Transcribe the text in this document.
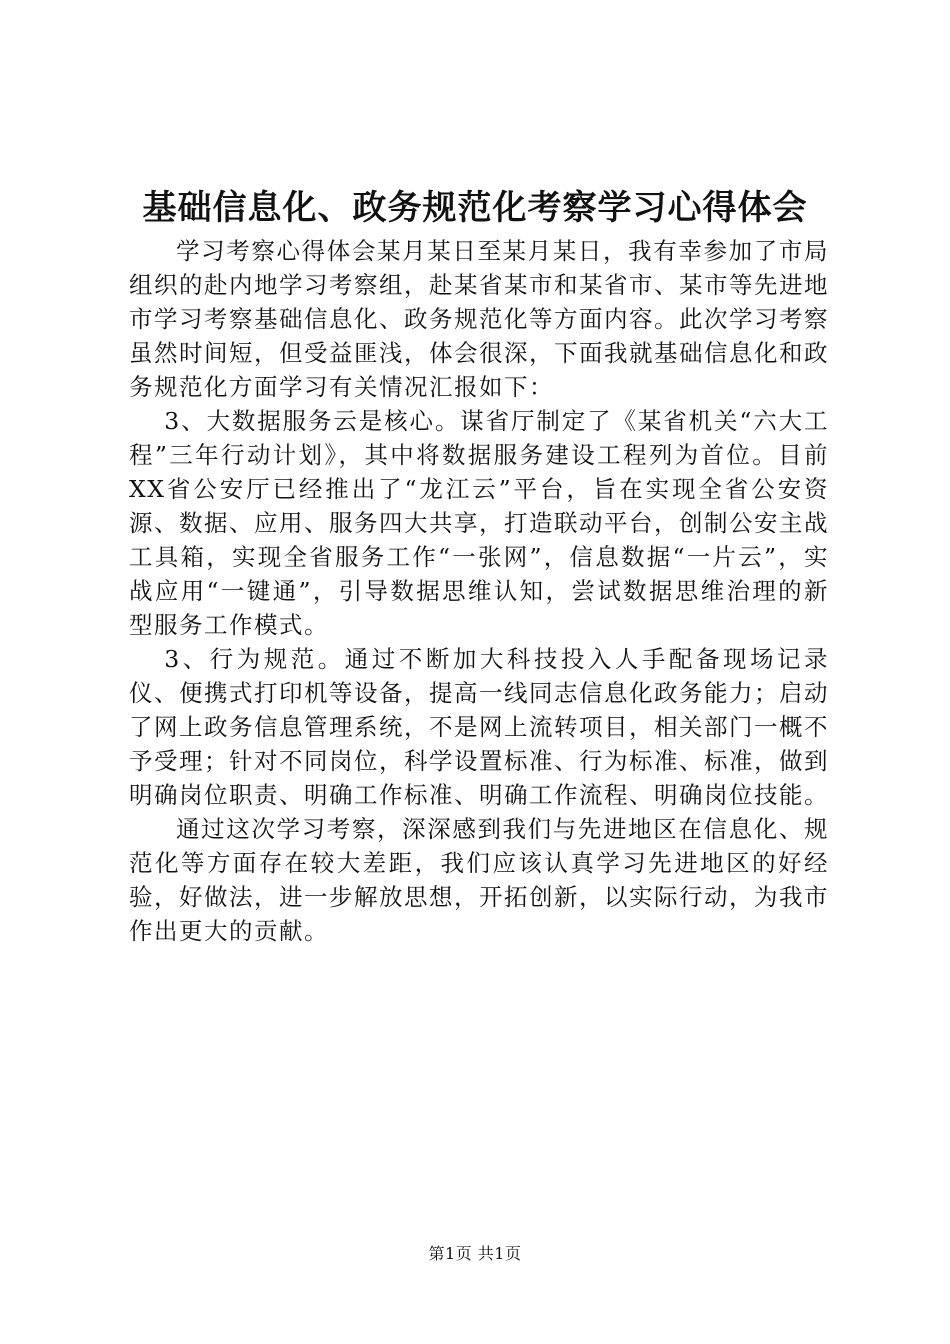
基础信息化、政务规范化考察学习心得体会

学习考察心得体会某月某日至某月某日，我有幸参加了市局组织的赴内地学习考察组，赴某省某市和某省市、某市等先进地市学习考察基础信息化、政务规范化等方面内容。此次学习考察虽然时间短，但受益匪浅，体会很深，下面我就基础信息化和政务规范化方面学习有关情况汇报如下：

3、大数据服务云是核心。谋省厅制定了《某省机关“六大工程”三年行动计划》，其中将数据服务建设工程列为首位。目前XX省公安厅已经推出了“龙江云”平台，旨在实现全省公安资源、数据、应用、服务四大共享，打造联动平台，创制公安主战工具箱，实现全省服务工作“一张网”，信息数据“一片云”，实战应用“一键通”，引导数据思维认知，尝试数据思维治理的新型服务工作模式。

3、行为规范。通过不断加大科技投入人手配备现场记录仪、便携式打印机等设备，提高一线同志信息化政务能力；启动了网上政务信息管理系统，不是网上流转项目，相关部门一概不予受理；针对不同岗位，科学设置标准、行为标准、标准，做到明确岗位职责、明确工作标准、明确工作流程、明确岗位技能。

通过这次学习考察，深深感到我们与先进地区在信息化、规范化等方面存在较大差距，我们应该认真学习先进地区的好经验，好做法，进一步解放思想，开拓创新，以实际行动，为我市作出更大的贡献。

第1页 共1页
